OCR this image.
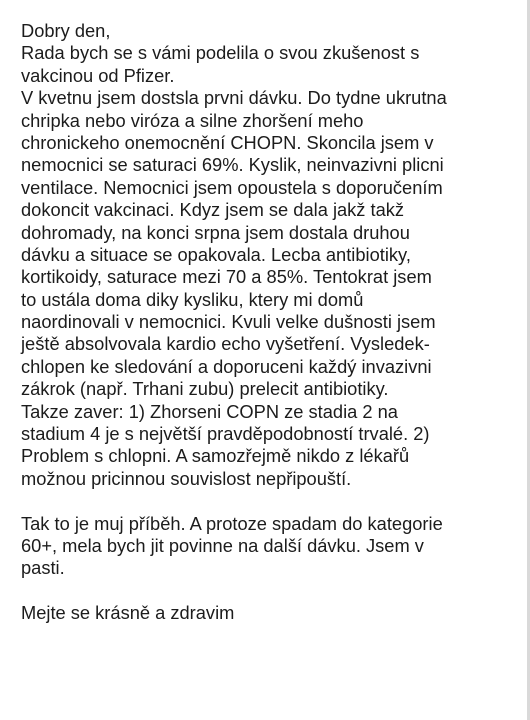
Dobry den,
Rada bych se s vámi podelila o svou zkušenost s
vakcinou od Pfizer.
V kvetnu jsem dostsla prvni dávku. Do tydne ukrutna
chripka nebo viróza a silne zhoršení meho
chronickeho onemocnění CHOPN. Skoncila jsem v
nemocnici se saturaci 69%. Kyslik, neinvazivni plicni
ventilace. Nemocnici jsem opoustela s doporučením
dokoncit vakcinaci. Kdyz jsem se dala jakž takž
dohromady, na konci srpna jsem dostala druhou
dávku a situace se opakovala. Lecba antibiotiky,
kortikoidy, saturace mezi 70 a 85%. Tentokrat jsem
to ustála doma diky kysliku, ktery mi domů
naordinovali v nemocnici. Kvuli velke dušnosti jsem
ještě absolvovala kardio echo vyšetření. Vysledek-
chlopen ke sledování a doporuceni každý invazivni
zákrok (např. Trhani zubu) prelecit antibiotiky.
Takze zaver: 1) Zhorseni COPN ze stadia 2 na
stadium 4 je s největší pravděpodobností trvalé. 2)
Problem s chlopni. A samozřejmě nikdo z lékařů
možnou pricinnou souvislost nepřipouští.
Tak to je muj příběh. A protoze spadam do kategorie
60+, mela bych jit povinne na další dávku. Jsem v
pasti.
Mejte se krásně a zdravim
